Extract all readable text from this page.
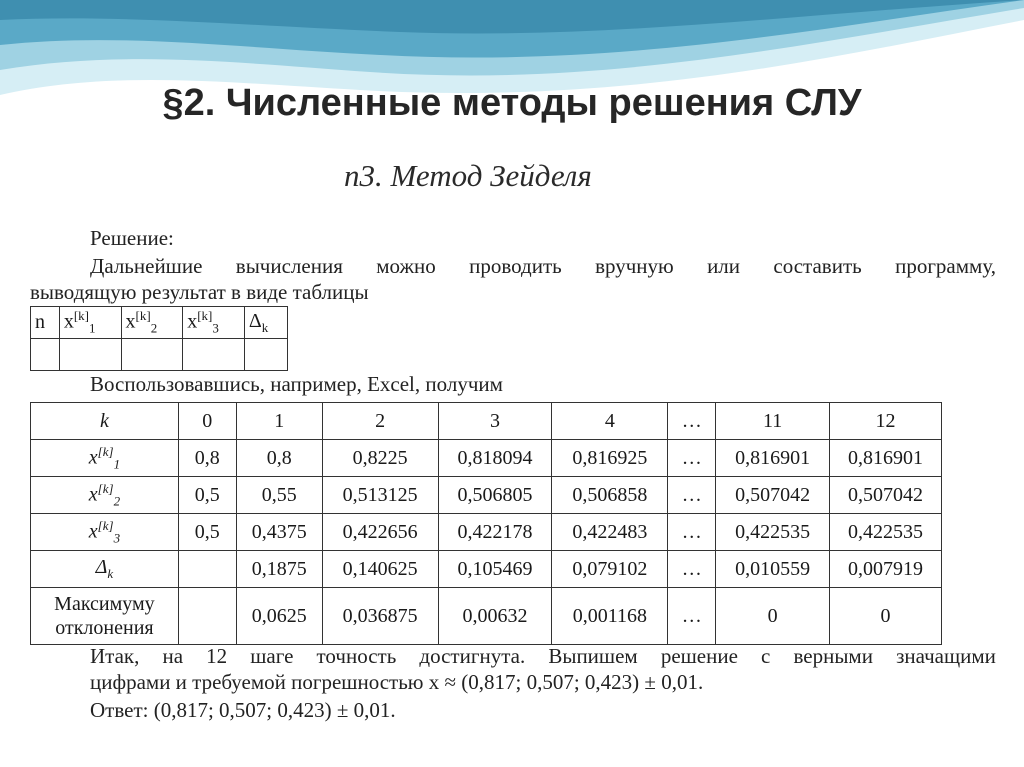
§2. Численные методы решения СЛУ
п3. Метод Зейделя
Решение:
Дальнейшие вычисления можно проводить вручную или составить программу,
выводящую результат в виде таблицы
n	$x[k]_1$	$x[k]_2$	$x[k]_3$	$\Delta_k$

Воспользовавшись, например, Excel, получим
k	0	1	2	3	4	…	11	12
$x[k]_1$	0,8	0,8	0,8225	0,818094	0,816925	…	0,816901	0,816901
$x[k]_2$	0,5	0,55	0,513125	0,506805	0,506858	…	0,507042	0,507042
$x[k]_3$	0,5	0,4375	0,422656	0,422178	0,422483	…	0,422535	0,422535
$\Delta_k$		0,1875	0,140625	0,105469	0,079102	…	0,010559	0,007919

Максимуму
отклонения		0,0625	0,036875	0,00632	0,001168	…	0	0
Итак, на 12 шаге точность достигнута. Выпишем решение с верными значащими
цифрами и требуемой погрешностью x ≈ (0,817; 0,507; 0,423) ± 0,01.
Ответ: (0,817; 0,507; 0,423) ± 0,01.
